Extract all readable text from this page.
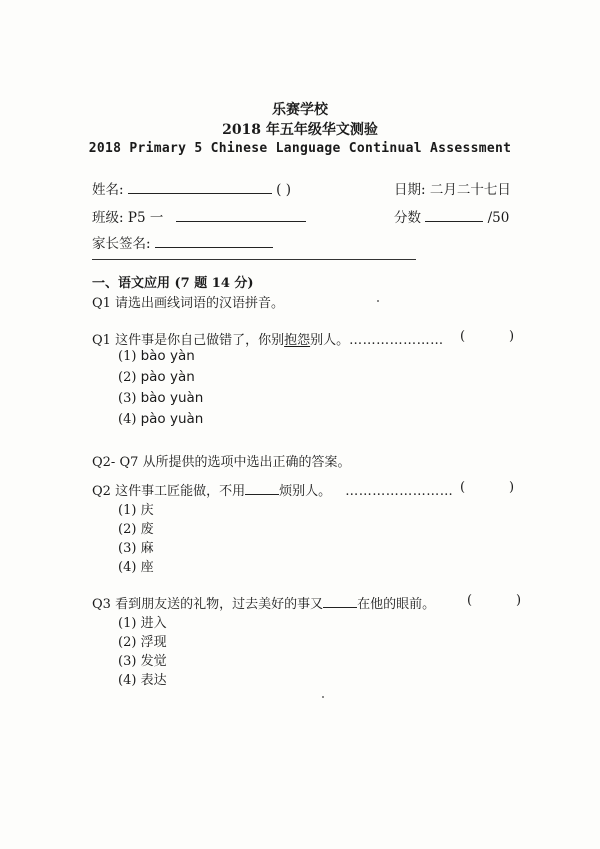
乐赛学校
2018 年五年级华文测验
2018 Primary 5 Chinese Language Continual Assessment
姓名:	( )	日期: 二月二十七日
班级: P5 一	分数	/50
家长签名:
一、语文应用 (7 题 14 分)
Q1 请选出画线词语的汉语拼音。
Q1 这件事是你自己做错了，你别抱怨别人。………………… (	)
(1) bào yàn
(2) pào yàn
(3) bào yuàn
(4) pào yuàn
Q2- Q7 从所提供的选项中选出正确的答案。
Q2 这件事工匠能做，不用	烦别人。 …………………… (	)
(1) 庆
(2) 废
(3) 麻
(4) 座
Q3 看到朋友送的礼物，过去美好的事又	在他的眼前。 (	)
(1) 进入
(2) 浮现
(3) 发觉
(4) 表达
